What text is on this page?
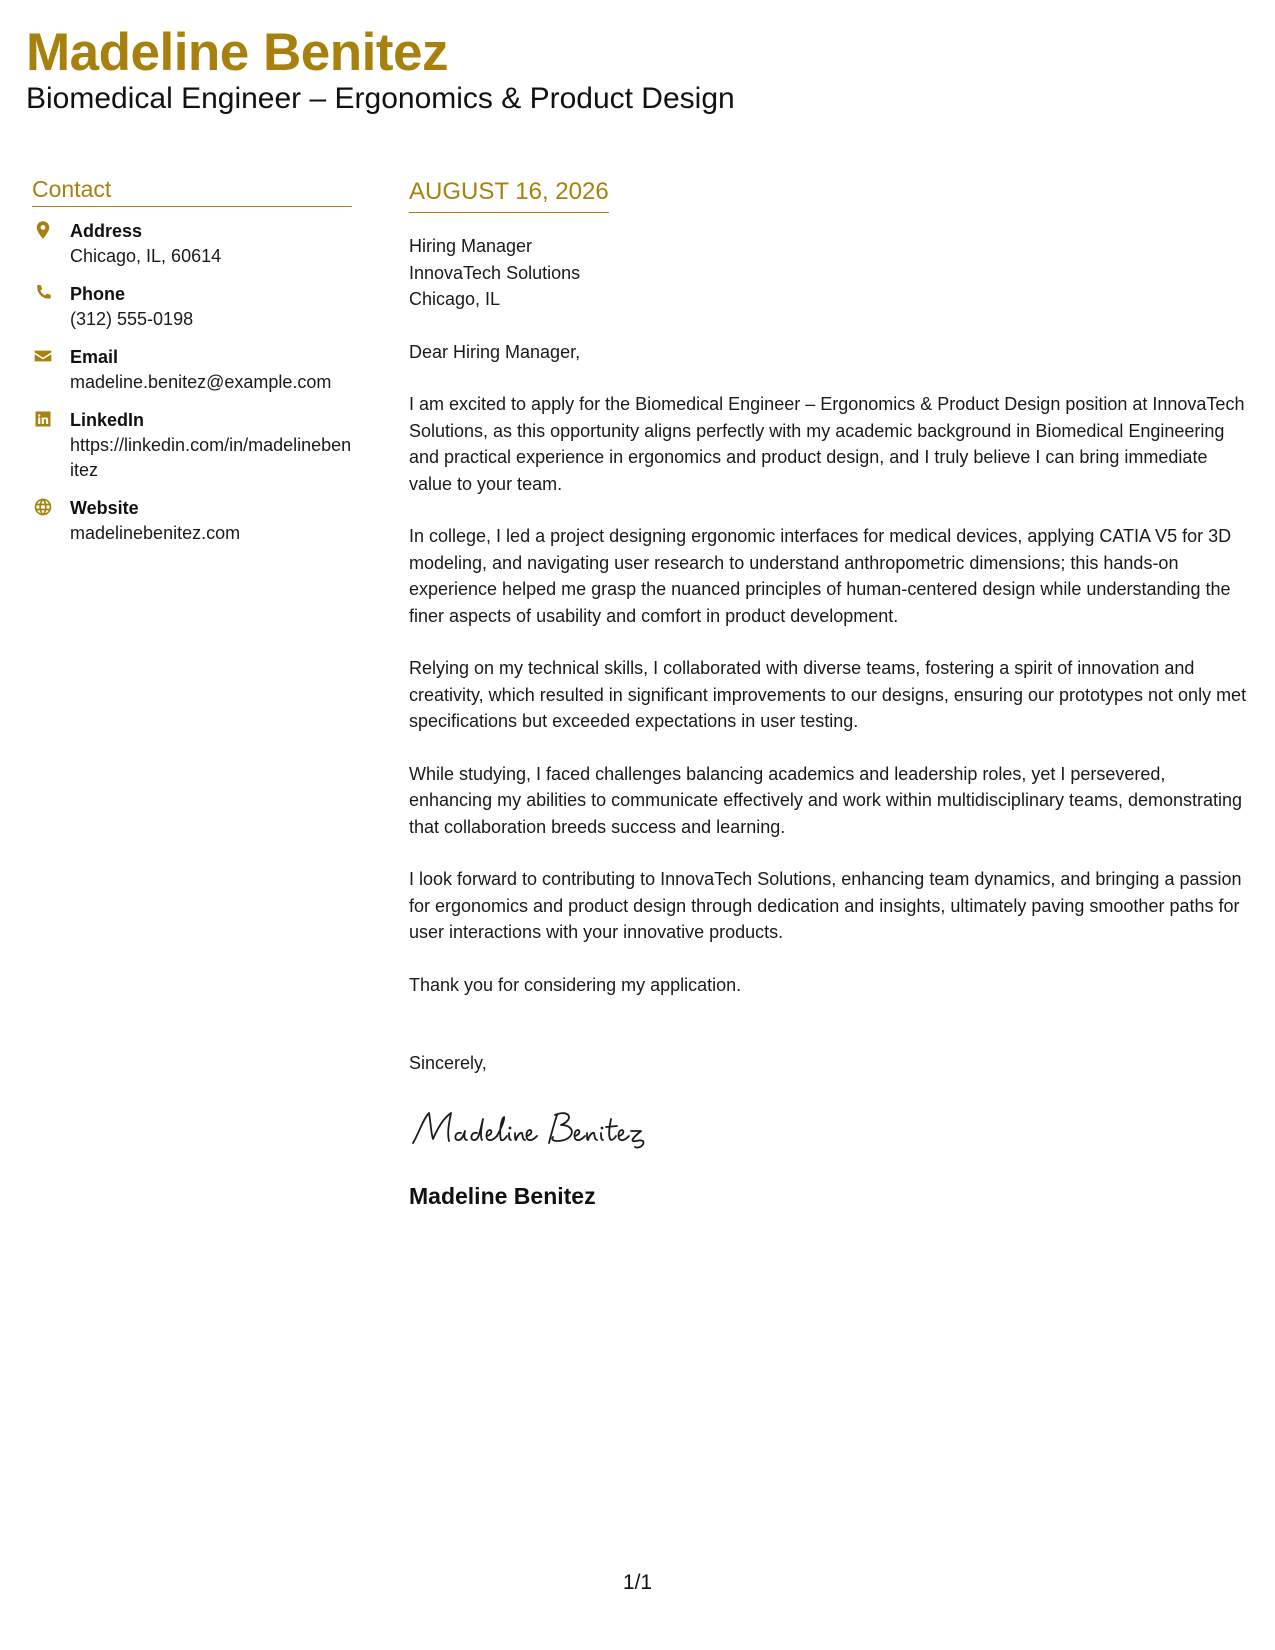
Madeline Benitez
Biomedical Engineer – Ergonomics & Product Design
Contact
Address
Chicago, IL, 60614
Phone
(312) 555-0198
Email
madeline.benitez@example.com
LinkedIn
https://linkedin.com/in/madelinebenitez
Website
madelinebenitez.com
AUGUST 16, 2026
Hiring Manager
InnovaTech Solutions
Chicago, IL
Dear Hiring Manager,
I am excited to apply for the Biomedical Engineer – Ergonomics & Product Design position at InnovaTech Solutions, as this opportunity aligns perfectly with my academic background in Biomedical Engineering and practical experience in ergonomics and product design, and I truly believe I can bring immediate value to your team.
In college, I led a project designing ergonomic interfaces for medical devices, applying CATIA V5 for 3D modeling, and navigating user research to understand anthropometric dimensions; this hands-on experience helped me grasp the nuanced principles of human-centered design while understanding the finer aspects of usability and comfort in product development.
Relying on my technical skills, I collaborated with diverse teams, fostering a spirit of innovation and creativity, which resulted in significant improvements to our designs, ensuring our prototypes not only met specifications but exceeded expectations in user testing.
While studying, I faced challenges balancing academics and leadership roles, yet I persevered, enhancing my abilities to communicate effectively and work within multidisciplinary teams, demonstrating that collaboration breeds success and learning.
I look forward to contributing to InnovaTech Solutions, enhancing team dynamics, and bringing a passion for ergonomics and product design through dedication and insights, ultimately paving smoother paths for user interactions with your innovative products.
Thank you for considering my application.
Sincerely,
Madeline Benitez
1/1
